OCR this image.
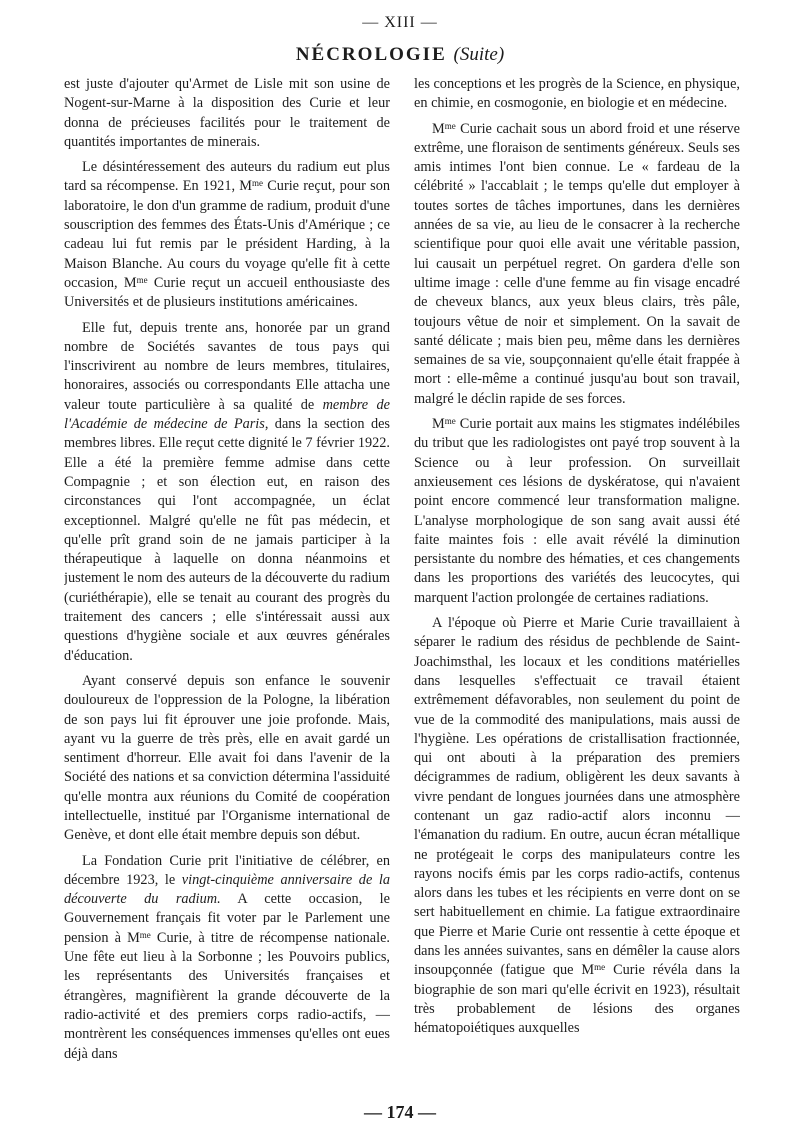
— XIII —
NÉCROLOGIE (Suite)

est juste d'ajouter qu'Armet de Lisle mit son usine de Nogent-sur-Marne à la disposition des Curie et leur donna de précieuses facilités pour le traitement de quantités importantes de minerais.

Le désintéressement des auteurs du radium eut plus tard sa récompense. En 1921, $M^{me}$ Curie reçut, pour son laboratoire, le don d'un gramme de radium, produit d'une souscription des femmes des États-Unis d'Amérique ; ce cadeau lui fut remis par le président Harding, à la Maison Blanche. Au cours du voyage qu'elle fit à cette occasion, $M^{me}$ Curie reçut un accueil enthousiaste des Universités et de plusieurs institutions américaines.

Elle fut, depuis trente ans, honorée par un grand nombre de Sociétés savantes de tous pays qui l'inscrivirent au nombre de leurs membres, titulaires, honoraires, associés ou correspondants Elle attacha une valeur toute particulière à sa qualité de membre de l'Académie de médecine de Paris, dans la section des membres libres. Elle reçut cette dignité le 7 février 1922. Elle a été la première femme admise dans cette Compagnie ; et son élection eut, en raison des circonstances qui l'ont accompagnée, un éclat exceptionnel. Malgré qu'elle ne fût pas médecin, et qu'elle prît grand soin de ne jamais participer à la thérapeutique à laquelle on donna néanmoins et justement le nom des auteurs de la découverte du radium (curiéthérapie), elle se tenait au courant des progrès du traitement des cancers ; elle s'intéressait aussi aux questions d'hygiène sociale et aux œuvres générales d'éducation.

Ayant conservé depuis son enfance le souvenir douloureux de l'oppression de la Pologne, la libération de son pays lui fit éprouver une joie profonde. Mais, ayant vu la guerre de très près, elle en avait gardé un sentiment d'horreur. Elle avait foi dans l'avenir de la Société des nations et sa conviction détermina l'assiduité qu'elle montra aux réunions du Comité de coopération intellectuelle, institué par l'Organisme international de Genève, et dont elle était membre depuis son début.

La Fondation Curie prit l'initiative de célébrer, en décembre 1923, le vingt-cinquième anniversaire de la découverte du radium. A cette occasion, le Gouvernement français fit voter par le Parlement une pension à $M^{me}$ Curie, à titre de récompense nationale. Une fête eut lieu à la Sorbonne ; les Pouvoirs publics, les représentants des Universités françaises et étrangères, magnifièrent la grande découverte de la radio-activité et des premiers corps radio-actifs, — montrèrent les conséquences immenses qu'elles ont eues déjà dans

les conceptions et les progrès de la Science, en physique, en chimie, en cosmogonie, en biologie et en médecine.

$M^{me}$ Curie cachait sous un abord froid et une réserve extrême, une floraison de sentiments généreux. Seuls ses amis intimes l'ont bien connue. Le « fardeau de la célébrité » l'accablait ; le temps qu'elle dut employer à toutes sortes de tâches importunes, dans les dernières années de sa vie, au lieu de le consacrer à la recherche scientifique pour quoi elle avait une véritable passion, lui causait un perpétuel regret. On gardera d'elle son ultime image : celle d'une femme au fin visage encadré de cheveux blancs, aux yeux bleus clairs, très pâle, toujours vêtue de noir et simplement. On la savait de santé délicate ; mais bien peu, même dans les dernières semaines de sa vie, soupçonnaient qu'elle était frappée à mort : elle-même a continué jusqu'au bout son travail, malgré le déclin rapide de ses forces.

$M^{me}$ Curie portait aux mains les stigmates indélébiles du tribut que les radiologistes ont payé trop souvent à la Science ou à leur profession. On surveillait anxieusement ces lésions de dyskératose, qui n'avaient point encore commencé leur transformation maligne. L'analyse morphologique de son sang avait aussi été faite maintes fois : elle avait révélé la diminution persistante du nombre des hématies, et ces changements dans les proportions des variétés des leucocytes, qui marquent l'action prolongée de certaines radiations.

A l'époque où Pierre et Marie Curie travaillaient à séparer le radium des résidus de pechblende de Saint-Joachimsthal, les locaux et les conditions matérielles dans lesquelles s'effectuait ce travail étaient extrêmement défavorables, non seulement du point de vue de la commodité des manipulations, mais aussi de l'hygiène. Les opérations de cristallisation fractionnée, qui ont abouti à la préparation des premiers décigrammes de radium, obligèrent les deux savants à vivre pendant de longues journées dans une atmosphère contenant un gaz radio-actif alors inconnu — l'émanation du radium. En outre, aucun écran métallique ne protégeait le corps des manipulateurs contre les rayons nocifs émis par les corps radio-actifs, contenus alors dans les tubes et les récipients en verre dont on se sert habituellement en chimie. La fatigue extraordinaire que Pierre et Marie Curie ont ressentie à cette époque et dans les années suivantes, sans en démêler la cause alors insoupçonnée (fatigue que $M^{me}$ Curie révéla dans la biographie de son mari qu'elle écrivit en 1923), résultait très probablement de lésions des organes hématopoiétiques auxquelles

— 174 —
